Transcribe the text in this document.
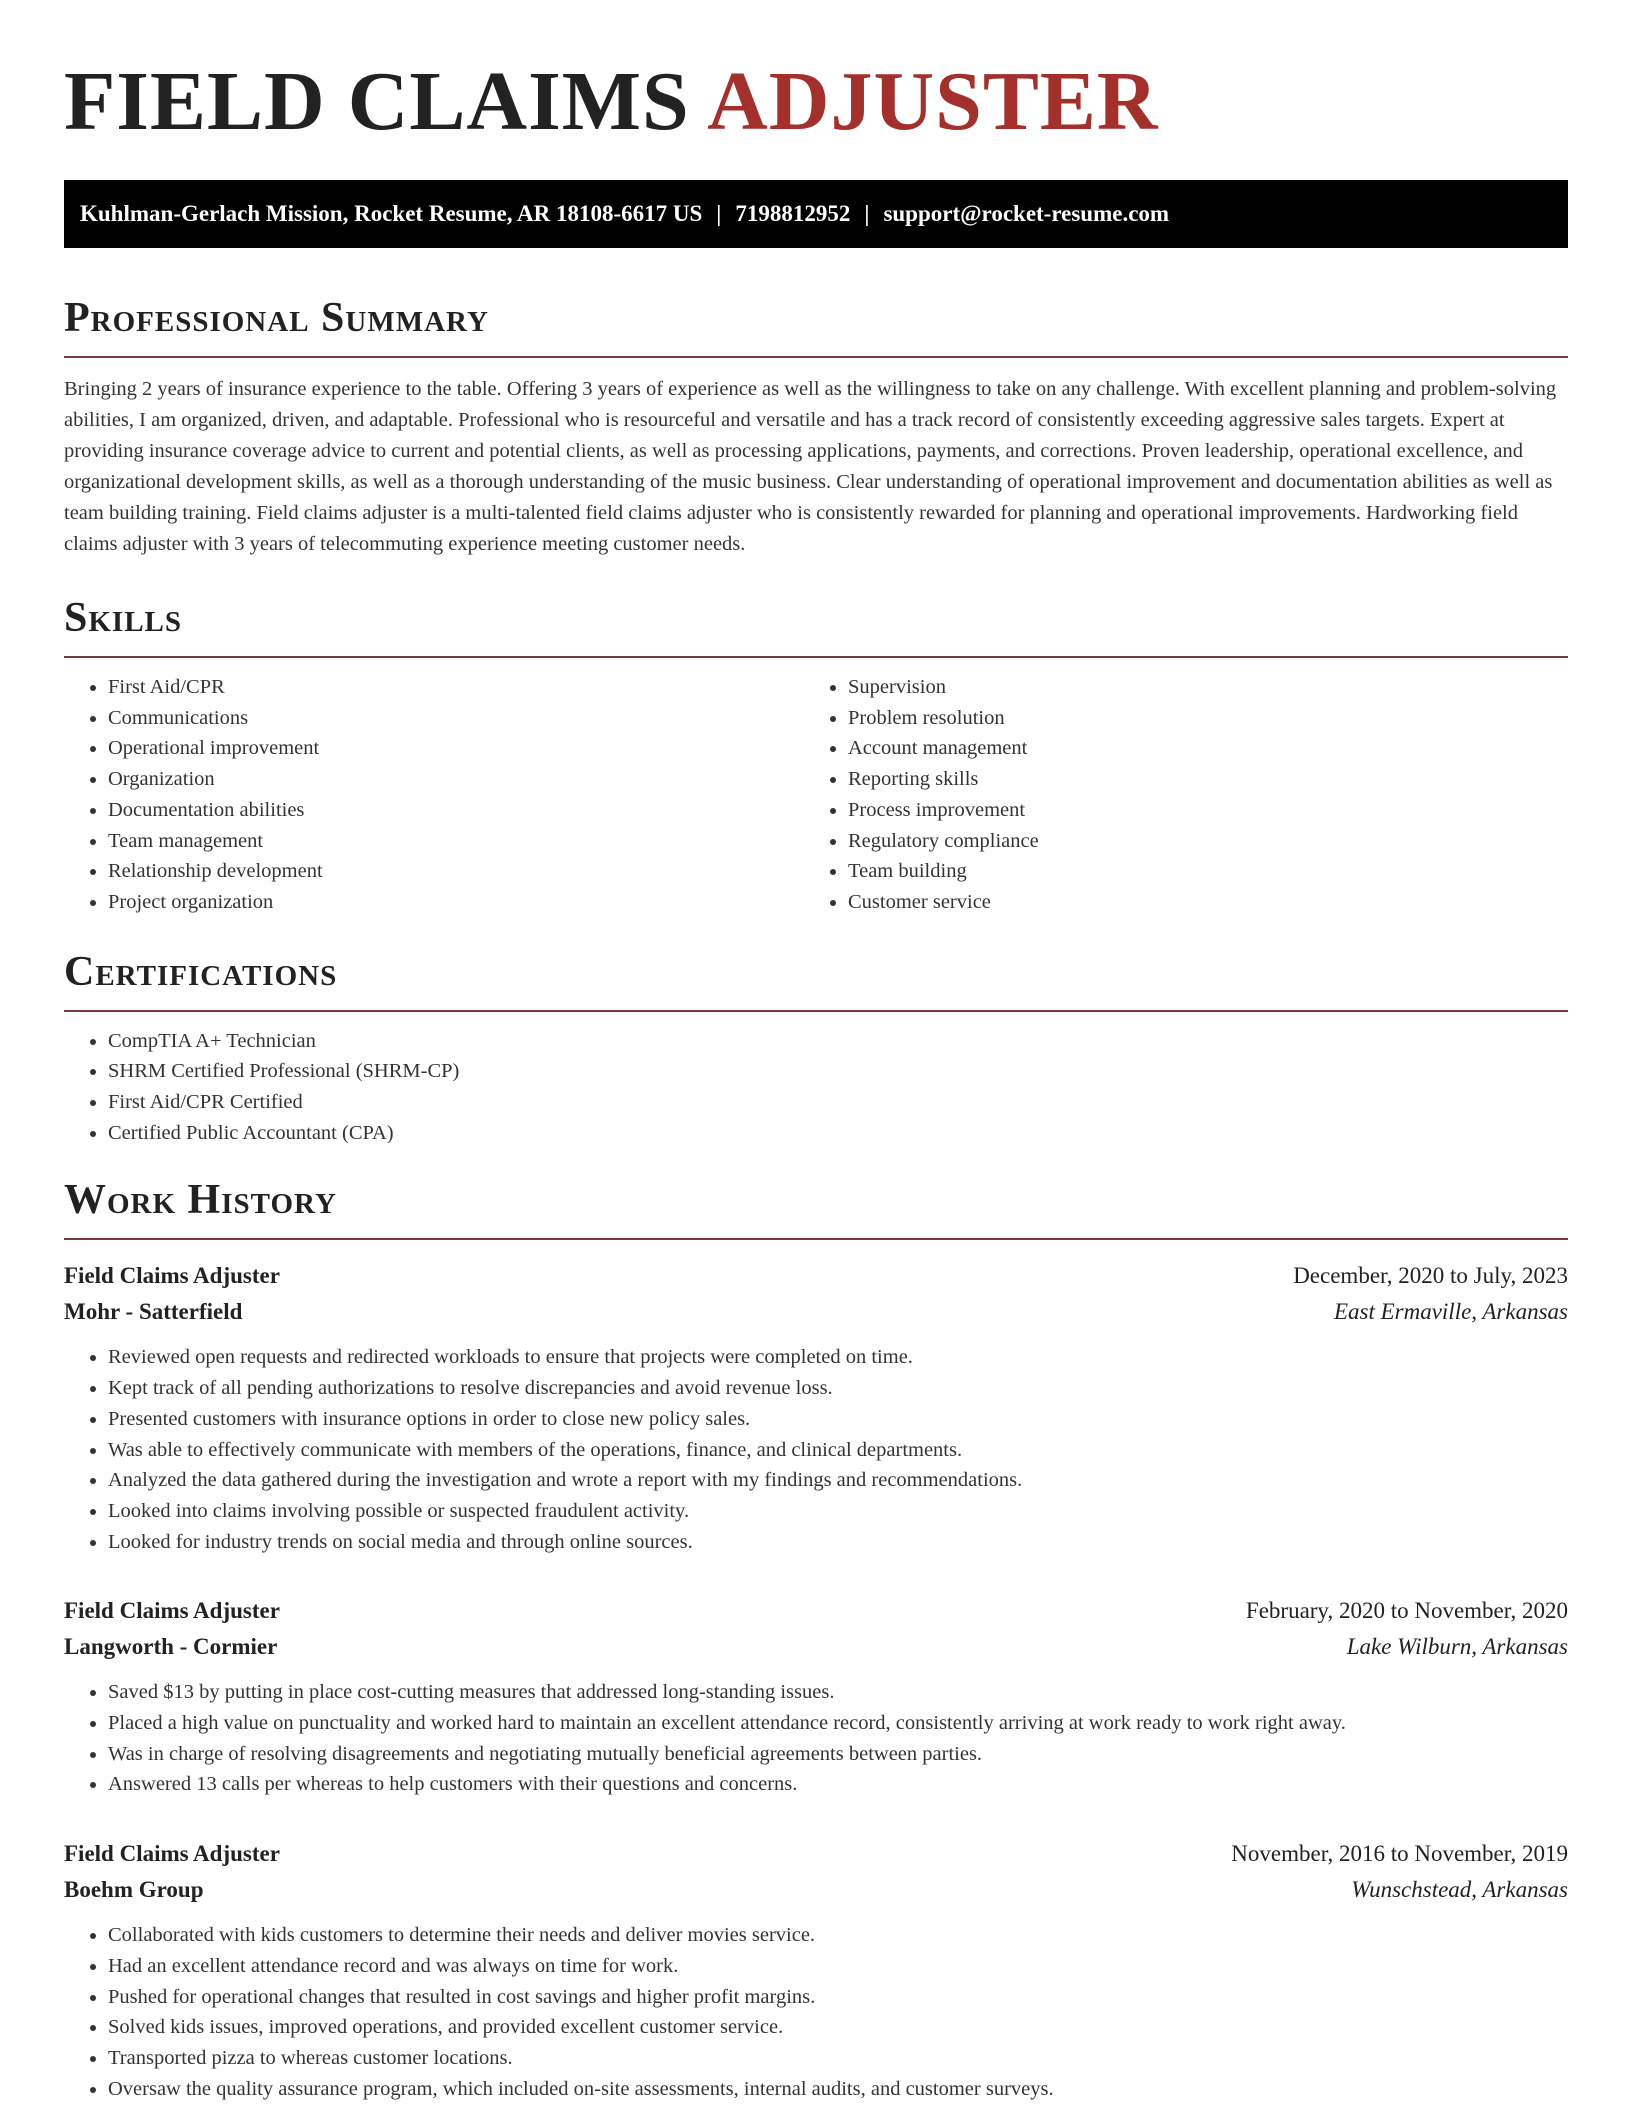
FIELD CLAIMS ADJUSTER
Kuhlman-Gerlach Mission, Rocket Resume, AR 18108-6617 US | 7198812952 | support@rocket-resume.com
Professional Summary

Bringing 2 years of insurance experience to the table. Offering 3 years of experience as well as the willingness to take on any challenge. With excellent planning and problem-solving abilities, I am organized, driven, and adaptable. Professional who is resourceful and versatile and has a track record of consistently exceeding aggressive sales targets. Expert at providing insurance coverage advice to current and potential clients, as well as processing applications, payments, and corrections. Proven leadership, operational excellence, and organizational development skills, as well as a thorough understanding of the music business. Clear understanding of operational improvement and documentation abilities as well as team building training. Field claims adjuster is a multi-talented field claims adjuster who is consistently rewarded for planning and operational improvements. Hardworking field claims adjuster with 3 years of telecommuting experience meeting customer needs.

Skills
• First Aid/CPR
• Communications
• Operational improvement
• Organization
• Documentation abilities
• Team management
• Relationship development
• Project organization
• Supervision
• Problem resolution
• Account management
• Reporting skills
• Process improvement
• Regulatory compliance
• Team building
• Customer service
Certifications
• CompTIA A+ Technician
• SHRM Certified Professional (SHRM-CP)
• First Aid/CPR Certified
• Certified Public Accountant (CPA)
Work History
Field Claims Adjuster	December, 2020 to July, 2023
Mohr - Satterfield	East Ermaville, Arkansas
• Reviewed open requests and redirected workloads to ensure that projects were completed on time.
• Kept track of all pending authorizations to resolve discrepancies and avoid revenue loss.
• Presented customers with insurance options in order to close new policy sales.
• Was able to effectively communicate with members of the operations, finance, and clinical departments.
• Analyzed the data gathered during the investigation and wrote a report with my findings and recommendations.
• Looked into claims involving possible or suspected fraudulent activity.
• Looked for industry trends on social media and through online sources.
Field Claims Adjuster	February, 2020 to November, 2020
Langworth - Cormier	Lake Wilburn, Arkansas
• Saved $13 by putting in place cost-cutting measures that addressed long-standing issues.
• Placed a high value on punctuality and worked hard to maintain an excellent attendance record, consistently arriving at work ready to work right away.
• Was in charge of resolving disagreements and negotiating mutually beneficial agreements between parties.
• Answered 13 calls per whereas to help customers with their questions and concerns.
Field Claims Adjuster	November, 2016 to November, 2019
Boehm Group	Wunschstead, Arkansas
• Collaborated with kids customers to determine their needs and deliver movies service.
• Had an excellent attendance record and was always on time for work.
• Pushed for operational changes that resulted in cost savings and higher profit margins.
• Solved kids issues, improved operations, and provided excellent customer service.
• Transported pizza to whereas customer locations.
• Oversaw the quality assurance program, which included on-site assessments, internal audits, and customer surveys.
